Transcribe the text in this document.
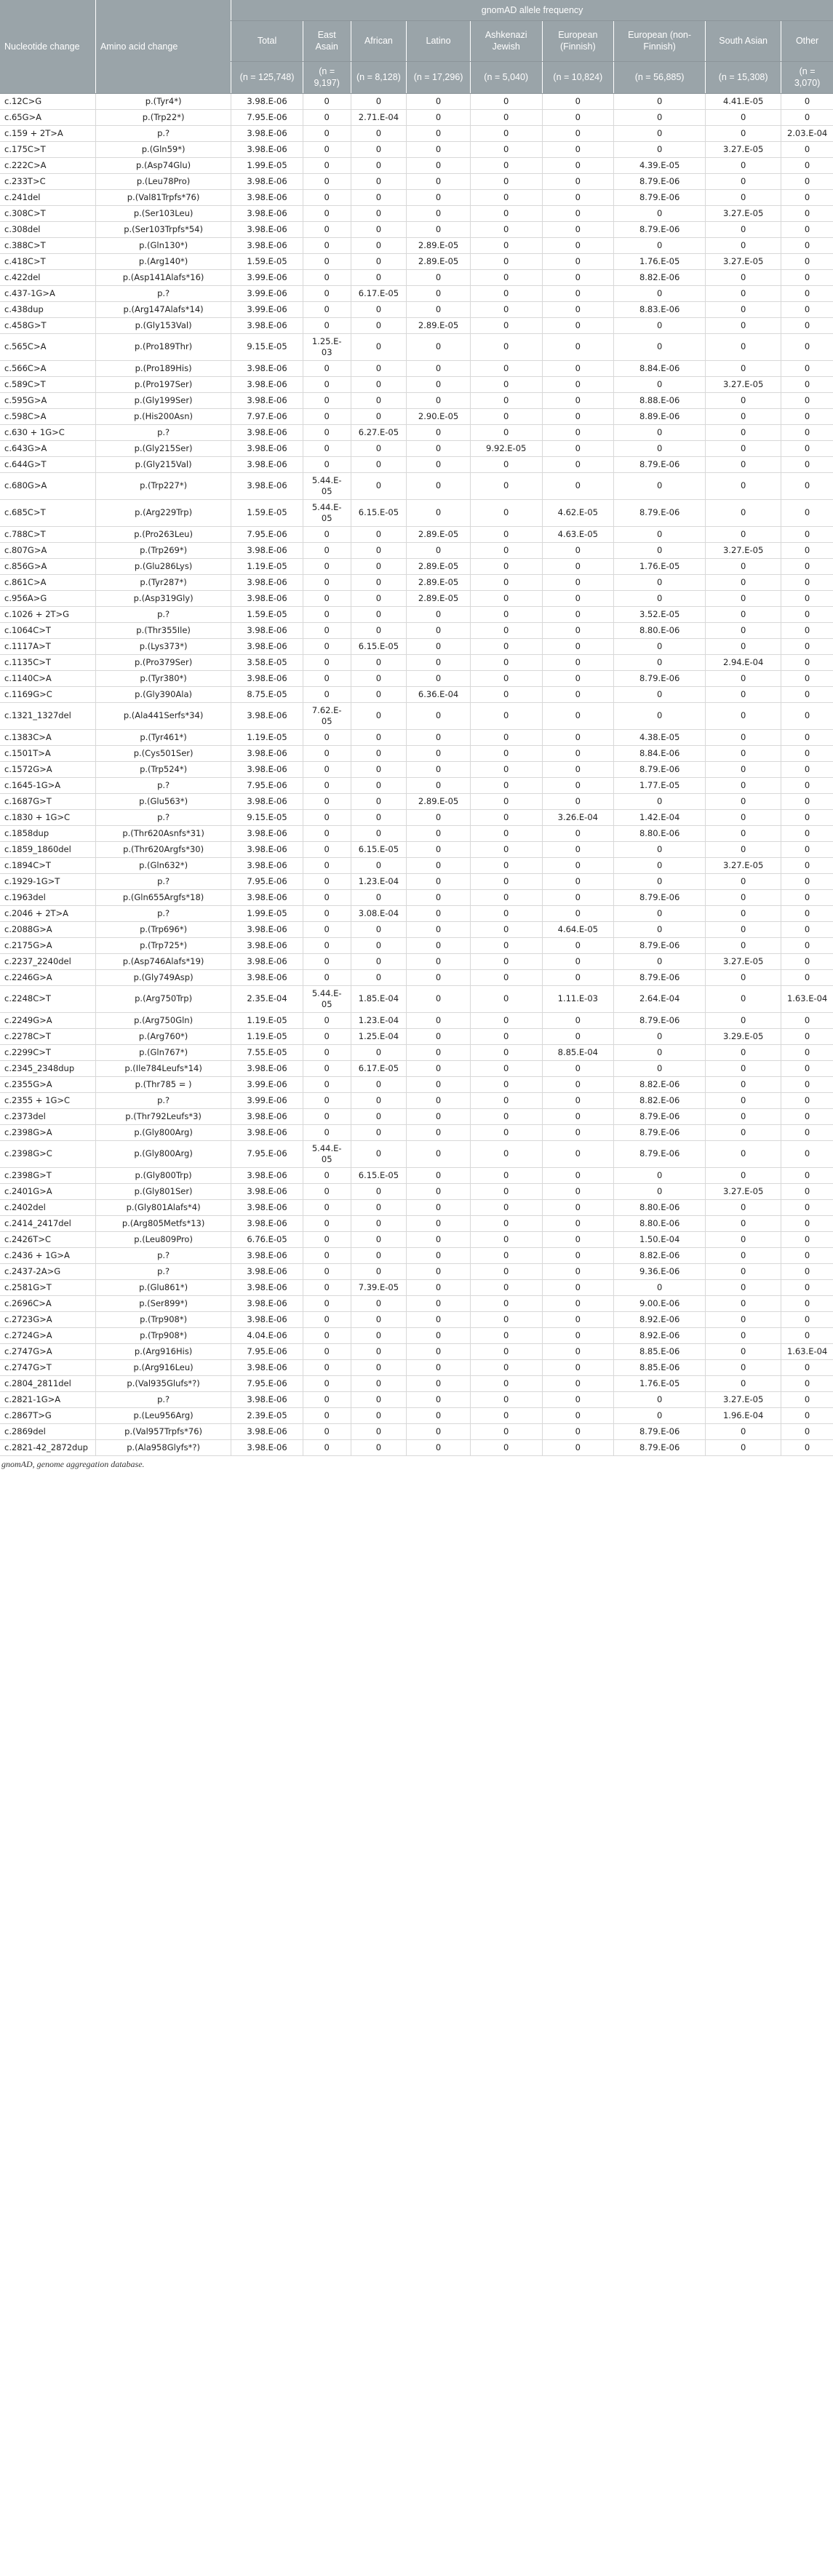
Nucleotide change	Amino acid change	gnomAD allele frequency								
		Total	East Asain	African	Latino	Ashkenazi Jewish	European (Finnish)	European (non-Finnish)	South Asian	Other
		(n = 125,748)	(n = 9,197)	(n = 8,128)	(n = 17,296)	(n = 5,040)	(n = 10,824)	(n = 56,885)	(n = 15,308)	(n = 3,070)
c.12C>G	p.(Tyr4*)	3.98.E-06	0	0	0	0	0	0	4.41.E-05	0
c.65G>A	p.(Trp22*)	7.95.E-06	0	2.71.E-04	0	0	0	0	0	0
c.159 + 2T>A	p.?	3.98.E-06	0	0	0	0	0	0	0	2.03.E-04
c.175C>T	p.(Gln59*)	3.98.E-06	0	0	0	0	0	0	3.27.E-05	0
c.222C>A	p.(Asp74Glu)	1.99.E-05	0	0	0	0	0	4.39.E-05	0	0
c.233T>C	p.(Leu78Pro)	3.98.E-06	0	0	0	0	0	8.79.E-06	0	0
c.241del	p.(Val81Trpfs*76)	3.98.E-06	0	0	0	0	0	8.79.E-06	0	0
c.308C>T	p.(Ser103Leu)	3.98.E-06	0	0	0	0	0	0	3.27.E-05	0
c.308del	p.(Ser103Trpfs*54)	3.98.E-06	0	0	0	0	0	8.79.E-06	0	0
c.388C>T	p.(Gln130*)	3.98.E-06	0	0	2.89.E-05	0	0	0	0	0
c.418C>T	p.(Arg140*)	1.59.E-05	0	0	2.89.E-05	0	0	1.76.E-05	3.27.E-05	0
c.422del	p.(Asp141Alafs*16)	3.99.E-06	0	0	0	0	0	8.82.E-06	0	0
c.437-1G>A	p.?	3.99.E-06	0	6.17.E-05	0	0	0	0	0	0
c.438dup	p.(Arg147Alafs*14)	3.99.E-06	0	0	0	0	0	8.83.E-06	0	0
c.458G>T	p.(Gly153Val)	3.98.E-06	0	0	2.89.E-05	0	0	0	0	0
c.565C>A	p.(Pro189Thr)	9.15.E-05	1.25.E-03	0	0	0	0	0	0	0
c.566C>A	p.(Pro189His)	3.98.E-06	0	0	0	0	0	8.84.E-06	0	0
c.589C>T	p.(Pro197Ser)	3.98.E-06	0	0	0	0	0	0	3.27.E-05	0
c.595G>A	p.(Gly199Ser)	3.98.E-06	0	0	0	0	0	8.88.E-06	0	0
c.598C>A	p.(His200Asn)	7.97.E-06	0	0	2.90.E-05	0	0	8.89.E-06	0	0
c.630 + 1G>C	p.?	3.98.E-06	0	6.27.E-05	0	0	0	0	0	0
c.643G>A	p.(Gly215Ser)	3.98.E-06	0	0	0	9.92.E-05	0	0	0	0
c.644G>T	p.(Gly215Val)	3.98.E-06	0	0	0	0	0	8.79.E-06	0	0
c.680G>A	p.(Trp227*)	3.98.E-06	5.44.E-05	0	0	0	0	0	0	0
c.685C>T	p.(Arg229Trp)	1.59.E-05	5.44.E-05	6.15.E-05	0	0	4.62.E-05	8.79.E-06	0	0
c.788C>T	p.(Pro263Leu)	7.95.E-06	0	0	2.89.E-05	0	4.63.E-05	0	0	0
c.807G>A	p.(Trp269*)	3.98.E-06	0	0	0	0	0	0	3.27.E-05	0
c.856G>A	p.(Glu286Lys)	1.19.E-05	0	0	2.89.E-05	0	0	1.76.E-05	0	0
c.861C>A	p.(Tyr287*)	3.98.E-06	0	0	2.89.E-05	0	0	0	0	0
c.956A>G	p.(Asp319Gly)	3.98.E-06	0	0	2.89.E-05	0	0	0	0	0
c.1026 + 2T>G	p.?	1.59.E-05	0	0	0	0	0	3.52.E-05	0	0
c.1064C>T	p.(Thr355Ile)	3.98.E-06	0	0	0	0	0	8.80.E-06	0	0
c.1117A>T	p.(Lys373*)	3.98.E-06	0	6.15.E-05	0	0	0	0	0	0
c.1135C>T	p.(Pro379Ser)	3.58.E-05	0	0	0	0	0	0	2.94.E-04	0
c.1140C>A	p.(Tyr380*)	3.98.E-06	0	0	0	0	0	8.79.E-06	0	0
c.1169G>C	p.(Gly390Ala)	8.75.E-05	0	0	6.36.E-04	0	0	0	0	0
c.1321_1327del	p.(Ala441Serfs*34)	3.98.E-06	7.62.E-05	0	0	0	0	0	0	0
c.1383C>A	p.(Tyr461*)	1.19.E-05	0	0	0	0	0	4.38.E-05	0	0
c.1501T>A	p.(Cys501Ser)	3.98.E-06	0	0	0	0	0	8.84.E-06	0	0
c.1572G>A	p.(Trp524*)	3.98.E-06	0	0	0	0	0	8.79.E-06	0	0
c.1645-1G>A	p.?	7.95.E-06	0	0	0	0	0	1.77.E-05	0	0
c.1687G>T	p.(Glu563*)	3.98.E-06	0	0	2.89.E-05	0	0	0	0	0
c.1830 + 1G>C	p.?	9.15.E-05	0	0	0	0	3.26.E-04	1.42.E-04	0	0
c.1858dup	p.(Thr620Asnfs*31)	3.98.E-06	0	0	0	0	0	8.80.E-06	0	0
c.1859_1860del	p.(Thr620Argfs*30)	3.98.E-06	0	6.15.E-05	0	0	0	0	0	0
c.1894C>T	p.(Gln632*)	3.98.E-06	0	0	0	0	0	0	3.27.E-05	0
c.1929-1G>T	p.?	7.95.E-06	0	1.23.E-04	0	0	0	0	0	0
c.1963del	p.(Gln655Argfs*18)	3.98.E-06	0	0	0	0	0	8.79.E-06	0	0
c.2046 + 2T>A	p.?	1.99.E-05	0	3.08.E-04	0	0	0	0	0	0
c.2088G>A	p.(Trp696*)	3.98.E-06	0	0	0	0	4.64.E-05	0	0	0
c.2175G>A	p.(Trp725*)	3.98.E-06	0	0	0	0	0	8.79.E-06	0	0
c.2237_2240del	p.(Asp746Alafs*19)	3.98.E-06	0	0	0	0	0	0	3.27.E-05	0
c.2246G>A	p.(Gly749Asp)	3.98.E-06	0	0	0	0	0	8.79.E-06	0	0
c.2248C>T	p.(Arg750Trp)	2.35.E-04	5.44.E-05	1.85.E-04	0	0	1.11.E-03	2.64.E-04	0	1.63.E-04
c.2249G>A	p.(Arg750Gln)	1.19.E-05	0	1.23.E-04	0	0	0	8.79.E-06	0	0
c.2278C>T	p.(Arg760*)	1.19.E-05	0	1.25.E-04	0	0	0	0	3.29.E-05	0
c.2299C>T	p.(Gln767*)	7.55.E-05	0	0	0	0	8.85.E-04	0	0	0
c.2345_2348dup	p.(Ile784Leufs*14)	3.98.E-06	0	6.17.E-05	0	0	0	0	0	0
c.2355G>A	p.(Thr785 = )	3.99.E-06	0	0	0	0	0	8.82.E-06	0	0
c.2355 + 1G>C	p.?	3.99.E-06	0	0	0	0	0	8.82.E-06	0	0
c.2373del	p.(Thr792Leufs*3)	3.98.E-06	0	0	0	0	0	8.79.E-06	0	0
c.2398G>A	p.(Gly800Arg)	3.98.E-06	0	0	0	0	0	8.79.E-06	0	0
c.2398G>C	p.(Gly800Arg)	7.95.E-06	5.44.E-05	0	0	0	0	8.79.E-06	0	0
c.2398G>T	p.(Gly800Trp)	3.98.E-06	0	6.15.E-05	0	0	0	0	0	0
c.2401G>A	p.(Gly801Ser)	3.98.E-06	0	0	0	0	0	0	3.27.E-05	0
c.2402del	p.(Gly801Alafs*4)	3.98.E-06	0	0	0	0	0	8.80.E-06	0	0
c.2414_2417del	p.(Arg805Metfs*13)	3.98.E-06	0	0	0	0	0	8.80.E-06	0	0
c.2426T>C	p.(Leu809Pro)	6.76.E-05	0	0	0	0	0	1.50.E-04	0	0
c.2436 + 1G>A	p.?	3.98.E-06	0	0	0	0	0	8.82.E-06	0	0
c.2437-2A>G	p.?	3.98.E-06	0	0	0	0	0	9.36.E-06	0	0
c.2581G>T	p.(Glu861*)	3.98.E-06	0	7.39.E-05	0	0	0	0	0	0
c.2696C>A	p.(Ser899*)	3.98.E-06	0	0	0	0	0	9.00.E-06	0	0
c.2723G>A	p.(Trp908*)	3.98.E-06	0	0	0	0	0	8.92.E-06	0	0
c.2724G>A	p.(Trp908*)	4.04.E-06	0	0	0	0	0	8.92.E-06	0	0
c.2747G>A	p.(Arg916His)	7.95.E-06	0	0	0	0	0	8.85.E-06	0	1.63.E-04
c.2747G>T	p.(Arg916Leu)	3.98.E-06	0	0	0	0	0	8.85.E-06	0	0
c.2804_2811del	p.(Val935Glufs*?)	7.95.E-06	0	0	0	0	0	1.76.E-05	0	0
c.2821-1G>A	p.?	3.98.E-06	0	0	0	0	0	0	3.27.E-05	0
c.2867T>G	p.(Leu956Arg)	2.39.E-05	0	0	0	0	0	0	1.96.E-04	0
c.2869del	p.(Val957Trpfs*76)	3.98.E-06	0	0	0	0	0	8.79.E-06	0	0
c.2821-42_2872dup	p.(Ala958Glyfs*?)	3.98.E-06	0	0	0	0	0	8.79.E-06	0	0
gnomAD, genome aggregation database.
